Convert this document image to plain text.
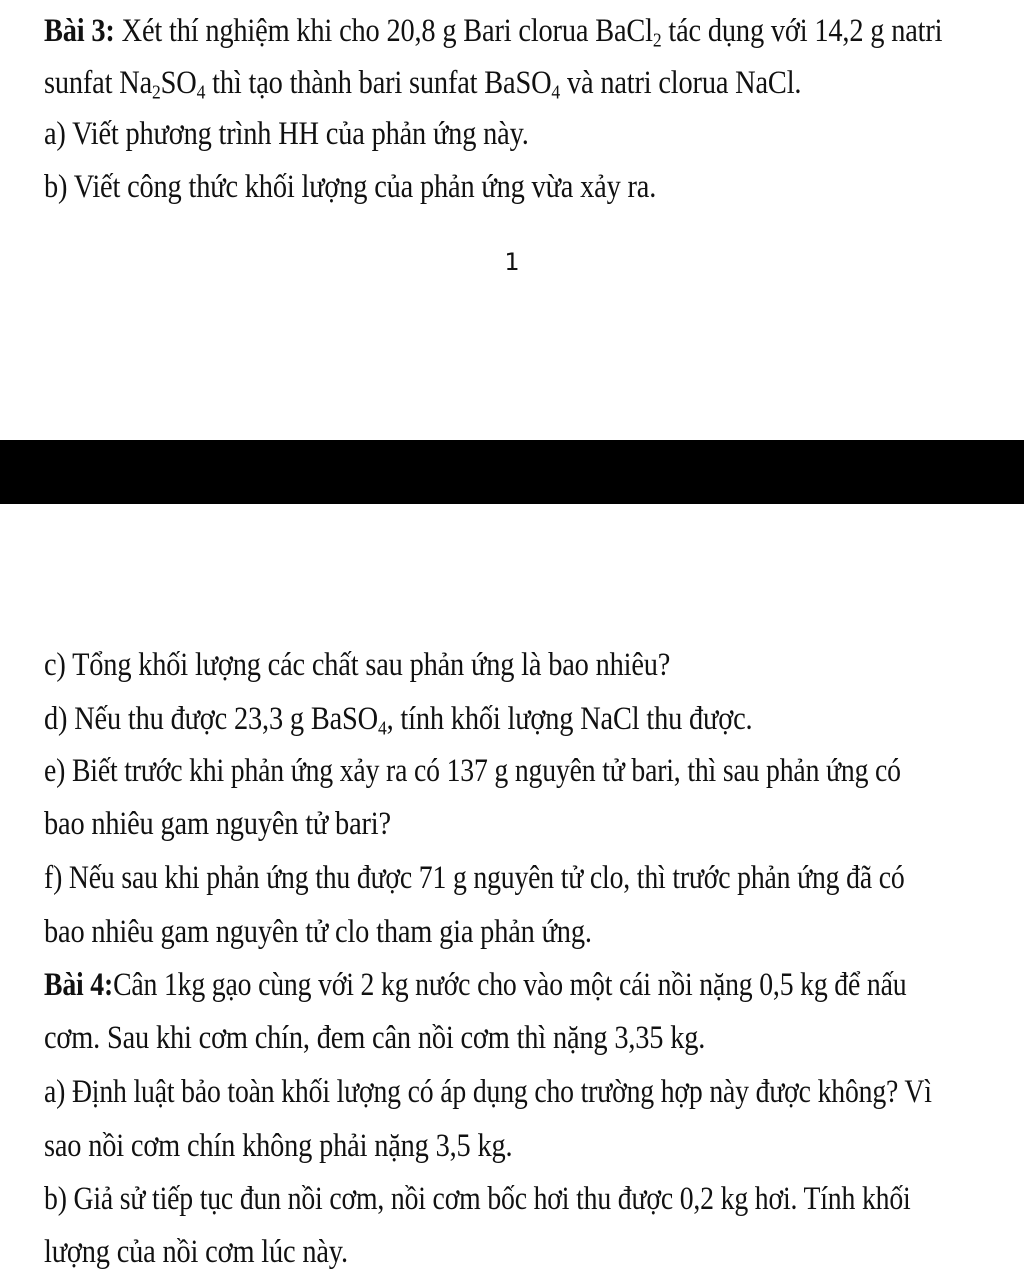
Bài 3: Xét thí nghiệm khi cho 20,8 g Bari clorua BaCl$_2$ tác dụng với 14,2 g natri
sunfat $Na_2SO_4$ thì tạo thành bari sunfat BaSO$_4$ và natri clorua NaCl.
a) Viết phương trình HH của phản ứng này.
b) Viết công thức khối lượng của phản ứng vừa xảy ra.
1
c) Tổng khối lượng các chất sau phản ứng là bao nhiêu?
d) Nếu thu được 23,3 g BaSO$_4$, tính khối lượng NaCl thu được.
e) Biết trước khi phản ứng xảy ra có 137 g nguyên tử bari, thì sau phản ứng có
bao nhiêu gam nguyên tử bari?
f) Nếu sau khi phản ứng thu được 71 g nguyên tử clo, thì trước phản ứng đã có
bao nhiêu gam nguyên tử clo tham gia phản ứng.
Bài 4:Cân 1kg gạo cùng với 2 kg nước cho vào một cái nồi nặng 0,5 kg để nấu
cơm. Sau khi cơm chín, đem cân nồi cơm thì nặng 3,35 kg.
a) Định luật bảo toàn khối lượng có áp dụng cho trường hợp này được không? Vì
sao nồi cơm chín không phải nặng 3,5 kg.
b) Giả sử tiếp tục đun nồi cơm, nồi cơm bốc hơi thu được 0,2 kg hơi. Tính khối
lượng của nồi cơm lúc này.
